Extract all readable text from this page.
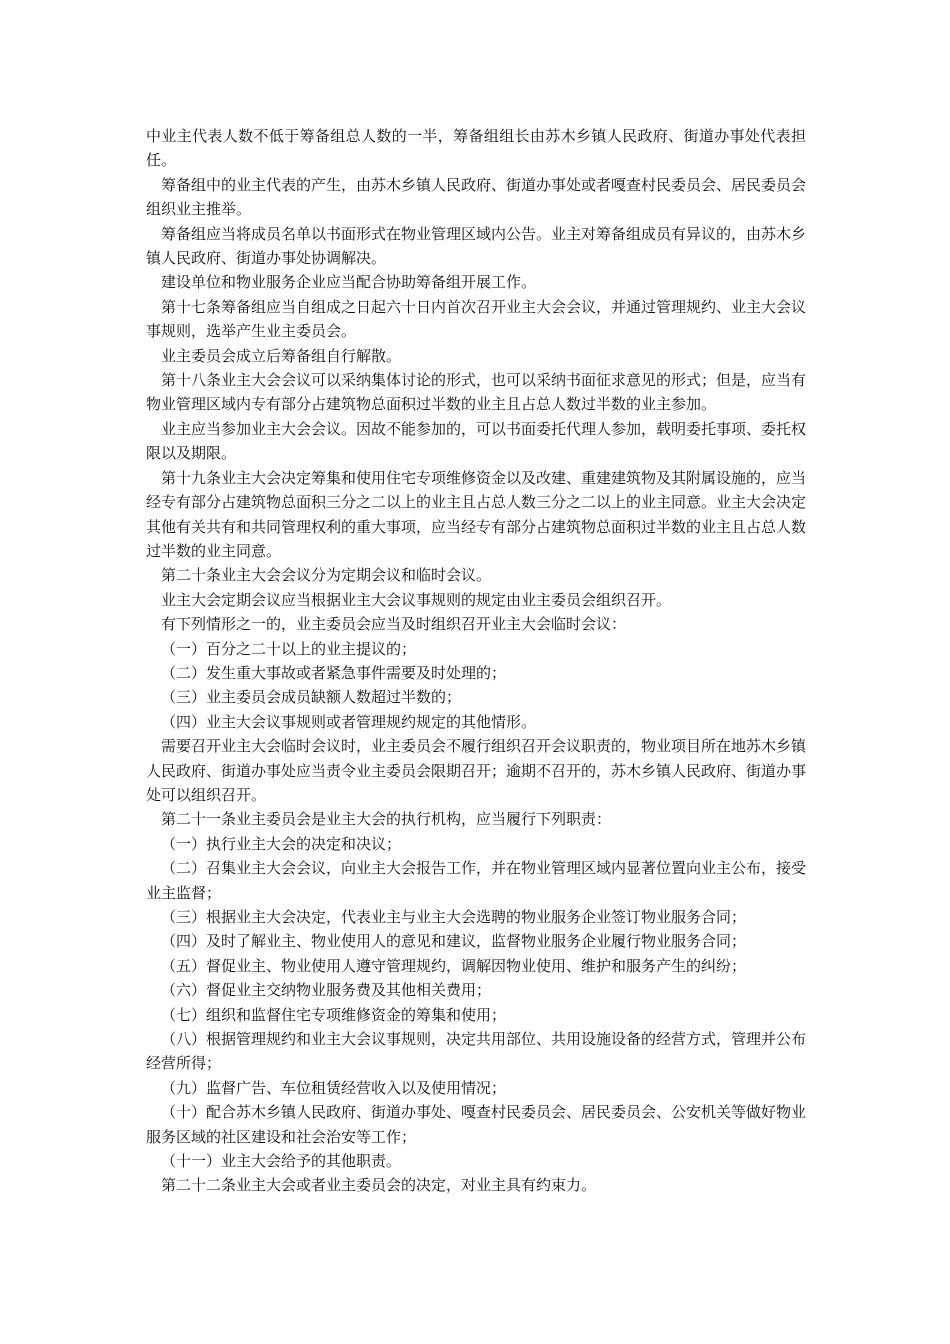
中业主代表人数不低于筹备组总人数的一半，筹备组组长由苏木乡镇人民政府、街道办事处代表担任。

筹备组中的业主代表的产生，由苏木乡镇人民政府、街道办事处或者嘎查村民委员会、居民委员会组织业主推举。

筹备组应当将成员名单以书面形式在物业管理区域内公告。业主对筹备组成员有异议的，由苏木乡镇人民政府、街道办事处协调解决。

建设单位和物业服务企业应当配合协助筹备组开展工作。

第十七条筹备组应当自组成之日起六十日内首次召开业主大会会议，并通过管理规约、业主大会议事规则，选举产生业主委员会。

业主委员会成立后筹备组自行解散。

第十八条业主大会会议可以采纳集体讨论的形式，也可以采纳书面征求意见的形式；但是，应当有物业管理区域内专有部分占建筑物总面积过半数的业主且占总人数过半数的业主参加。

业主应当参加业主大会会议。因故不能参加的，可以书面委托代理人参加，载明委托事项、委托权限以及期限。

第十九条业主大会决定筹集和使用住宅专项维修资金以及改建、重建建筑物及其附属设施的，应当经专有部分占建筑物总面积三分之二以上的业主且占总人数三分之二以上的业主同意。业主大会决定其他有关共有和共同管理权利的重大事项，应当经专有部分占建筑物总面积过半数的业主且占总人数过半数的业主同意。

第二十条业主大会会议分为定期会议和临时会议。

业主大会定期会议应当根据业主大会议事规则的规定由业主委员会组织召开。

有下列情形之一的，业主委员会应当及时组织召开业主大会临时会议：

（一）百分之二十以上的业主提议的；

（二）发生重大事故或者紧急事件需要及时处理的；

（三）业主委员会成员缺额人数超过半数的；

（四）业主大会议事规则或者管理规约规定的其他情形。

需要召开业主大会临时会议时，业主委员会不履行组织召开会议职责的，物业项目所在地苏木乡镇人民政府、街道办事处应当责令业主委员会限期召开；逾期不召开的，苏木乡镇人民政府、街道办事处可以组织召开。

第二十一条业主委员会是业主大会的执行机构，应当履行下列职责：

（一）执行业主大会的决定和决议；

（二）召集业主大会会议，向业主大会报告工作，并在物业管理区域内显著位置向业主公布，接受业主监督；

（三）根据业主大会决定，代表业主与业主大会选聘的物业服务企业签订物业服务合同；

（四）及时了解业主、物业使用人的意见和建议，监督物业服务企业履行物业服务合同；

（五）督促业主、物业使用人遵守管理规约，调解因物业使用、维护和服务产生的纠纷；

（六）督促业主交纳物业服务费及其他相关费用；

（七）组织和监督住宅专项维修资金的筹集和使用；

（八）根据管理规约和业主大会议事规则，决定共用部位、共用设施设备的经营方式，管理并公布经营所得；

（九）监督广告、车位租赁经营收入以及使用情况；

（十）配合苏木乡镇人民政府、街道办事处、嘎查村民委员会、居民委员会、公安机关等做好物业服务区域的社区建设和社会治安等工作；

（十一）业主大会给予的其他职责。

第二十二条业主大会或者业主委员会的决定，对业主具有约束力。
